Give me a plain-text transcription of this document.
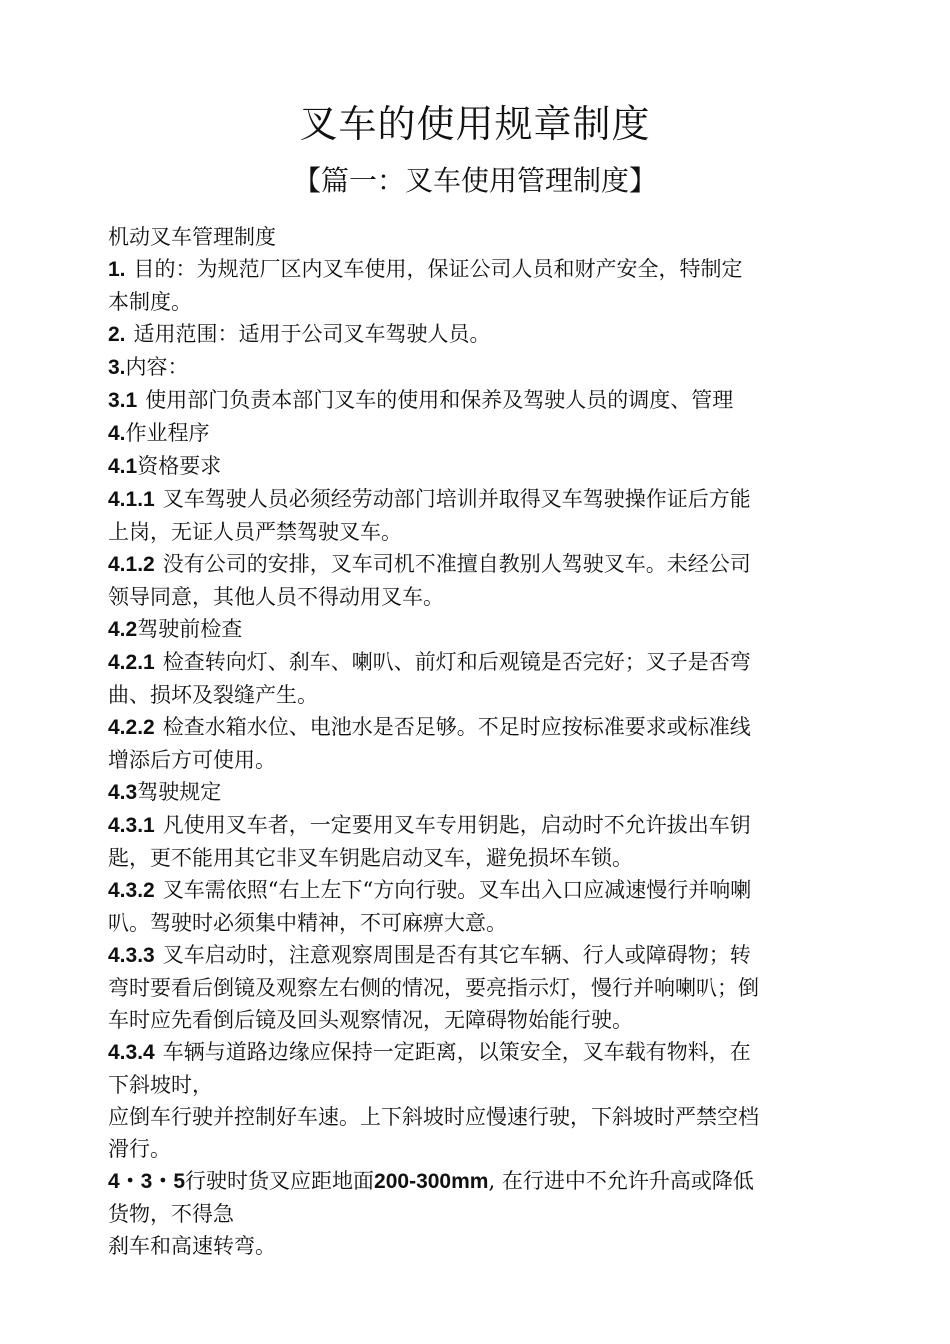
叉车的使用规章制度
【篇一：叉车使用管理制度】
机动叉车管理制度
1. 目的：为规范厂区内叉车使用，保证公司人员和财产安全，特制定
本制度。
2. 适用范围：适用于公司叉车驾驶人员。
3.内容：
3.1 使用部门负责本部门叉车的使用和保养及驾驶人员的调度、管理
4.作业程序
4.1资格要求
4.1.1 叉车驾驶人员必须经劳动部门培训并取得叉车驾驶操作证后方能
上岗，无证人员严禁驾驶叉车。
4.1.2 没有公司的安排，叉车司机不准擅自教别人驾驶叉车。未经公司
领导同意，其他人员不得动用叉车。
4.2驾驶前检查
4.2.1 检查转向灯、刹车、喇叭、前灯和后观镜是否完好；叉子是否弯
曲、损坏及裂缝产生。
4.2.2 检查水箱水位、电池水是否足够。不足时应按标准要求或标准线
增添后方可使用。
4.3驾驶规定
4.3.1 凡使用叉车者，一定要用叉车专用钥匙，启动时不允许拔出车钥
匙，更不能用其它非叉车钥匙启动叉车，避免损坏车锁。
4.3.2 叉车需依照“右上左下“方向行驶。叉车出入口应减速慢行并响喇
叭。驾驶时必须集中精神，不可麻痹大意。
4.3.3 叉车启动时，注意观察周围是否有其它车辆、行人或障碍物；转
弯时要看后倒镜及观察左右侧的情况，要亮指示灯，慢行并响喇叭；倒
车时应先看倒后镜及回头观察情况，无障碍物始能行驶。
4.3.4 车辆与道路边缘应保持一定距离，以策安全，叉车载有物料，在
下斜坡时，
应倒车行驶并控制好车速。上下斜坡时应慢速行驶，下斜坡时严禁空档
滑行。
4・3・5行驶时货叉应距地面200-300mm, 在行进中不允许升高或降低
货物，不得急
刹车和高速转弯。
